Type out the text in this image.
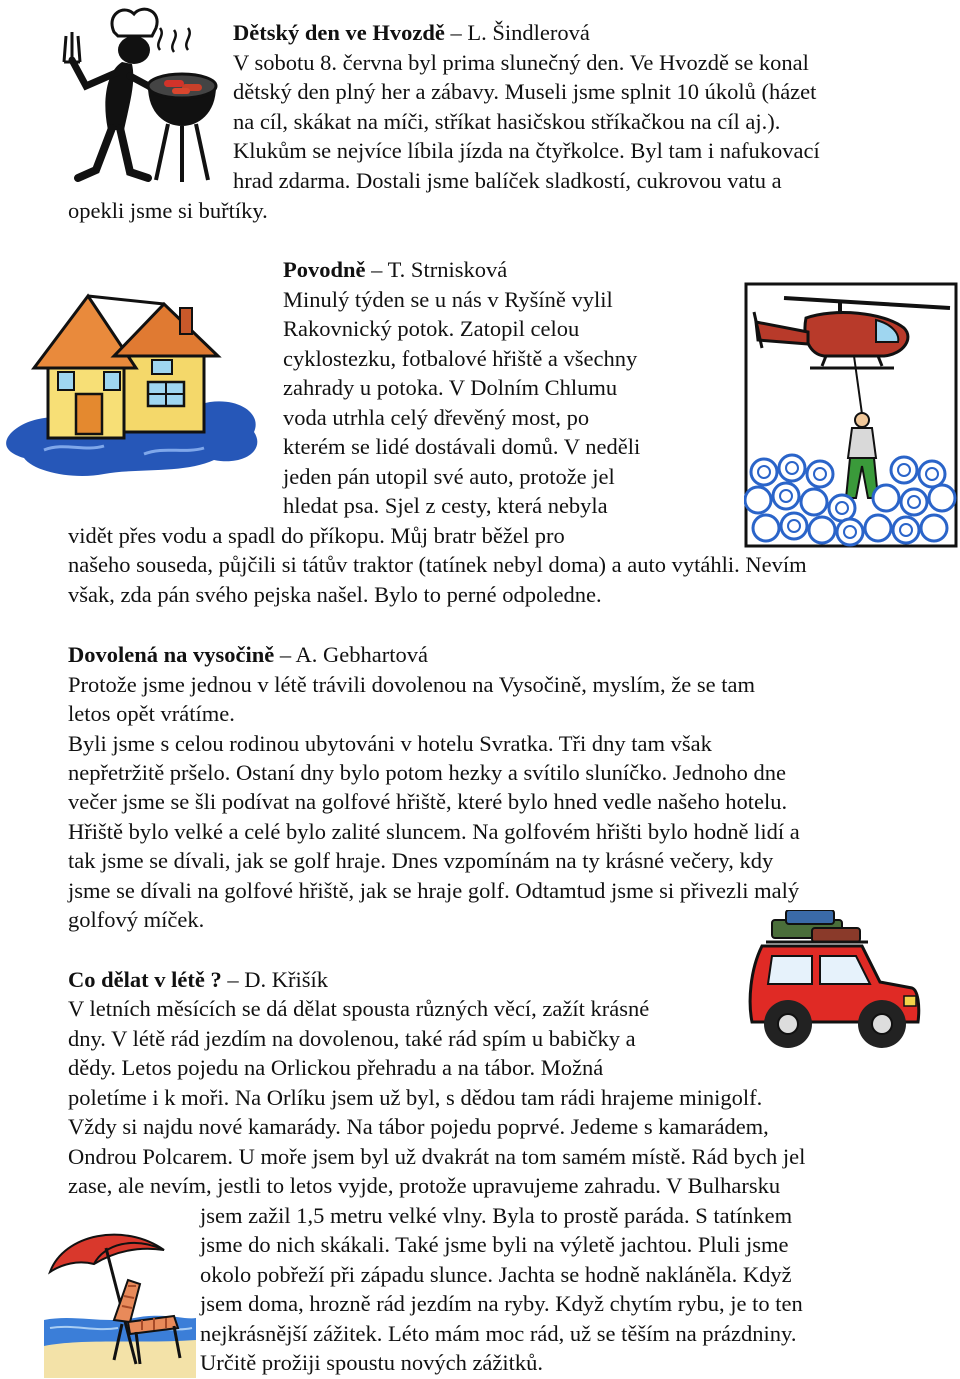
Dětský den ve Hvozdě – L. Šindlerová

V sobotu 8. června byl prima slunečný den. Ve Hvozdě se konal

dětský den plný her a zábavy. Museli jsme splnit 10 úkolů (házet

na cíl, skákat na míči, stříkat hasičskou stříkačkou na cíl aj.).

Klukům se nejvíce líbila jízda na čtyřkolce. Byl tam i nafukovací

hrad zdarma. Dostali jsme balíček sladkostí, cukrovou vatu a

opekli jsme si buřtíky.

Povodně – T. Strnisková

Minulý týden se u nás v Ryšíně vylil

Rakovnický potok. Zatopil celou

cyklostezku, fotbalové hřiště a všechny

zahrady u potoka. V Dolním Chlumu

voda utrhla celý dřevěný most, po

kterém se lidé dostávali domů. V neděli

jeden pán utopil své auto, protože jel

hledat psa. Sjel z cesty, která nebyla

vidět přes vodu a spadl do příkopu. Můj bratr běžel pro

našeho souseda, půjčili si tátův traktor (tatínek nebyl doma) a auto vytáhli. Nevím

však, zda pán svého pejska našel. Bylo to perné odpoledne.

Dovolená na vysočině – A. Gebhartová

Protože jsme jednou v létě trávili dovolenou na Vysočině, myslím, že se tam

letos opět vrátíme.

Byli jsme s celou rodinou ubytováni v hotelu Svratka. Tři dny tam však

nepřetržitě pršelo. Ostaní dny bylo potom hezky a svítilo sluníčko. Jednoho dne

večer jsme se šli podívat na golfové hřiště, které bylo hned vedle našeho hotelu.

Hřiště bylo velké a celé bylo zalité sluncem. Na golfovém hřišti bylo hodně lidí a

tak jsme se dívali, jak se golf hraje. Dnes vzpomínám na ty krásné večery, kdy

jsme se dívali na golfové hřiště, jak se hraje golf. Odtamtud jsme si přivezli malý

golfový míček.

Co dělat v létě ? – D. Křišík

V letních měsících se dá dělat spousta různých věcí, zažít krásné

dny. V létě rád jezdím na dovolenou, také rád spím u babičky a

dědy. Letos pojedu na Orlickou přehradu a na tábor. Možná

poletíme i k moři. Na Orlíku jsem už byl, s dědou tam rádi hrajeme minigolf.

Vždy si najdu nové kamarády. Na tábor pojedu poprvé. Jedeme s kamarádem,

Ondrou Polcarem. U moře jsem byl už dvakrát na tom samém místě. Rád bych jel

zase, ale nevím, jestli to letos vyjde, protože upravujeme zahradu. V Bulharsku

jsem zažil 1,5 metru velké vlny. Byla to prostě paráda. S tatínkem

jsme do nich skákali. Také jsme byli na výletě jachtou. Pluli jsme

okolo pobřeží při západu slunce. Jachta se hodně nakláněla. Když

jsem doma, hrozně rád jezdím na ryby. Když chytím rybu, je to ten

nejkrásnější zážitek. Léto mám moc rád, už se těším na prázdniny.

Určitě prožiji spoustu nových zážitků.
